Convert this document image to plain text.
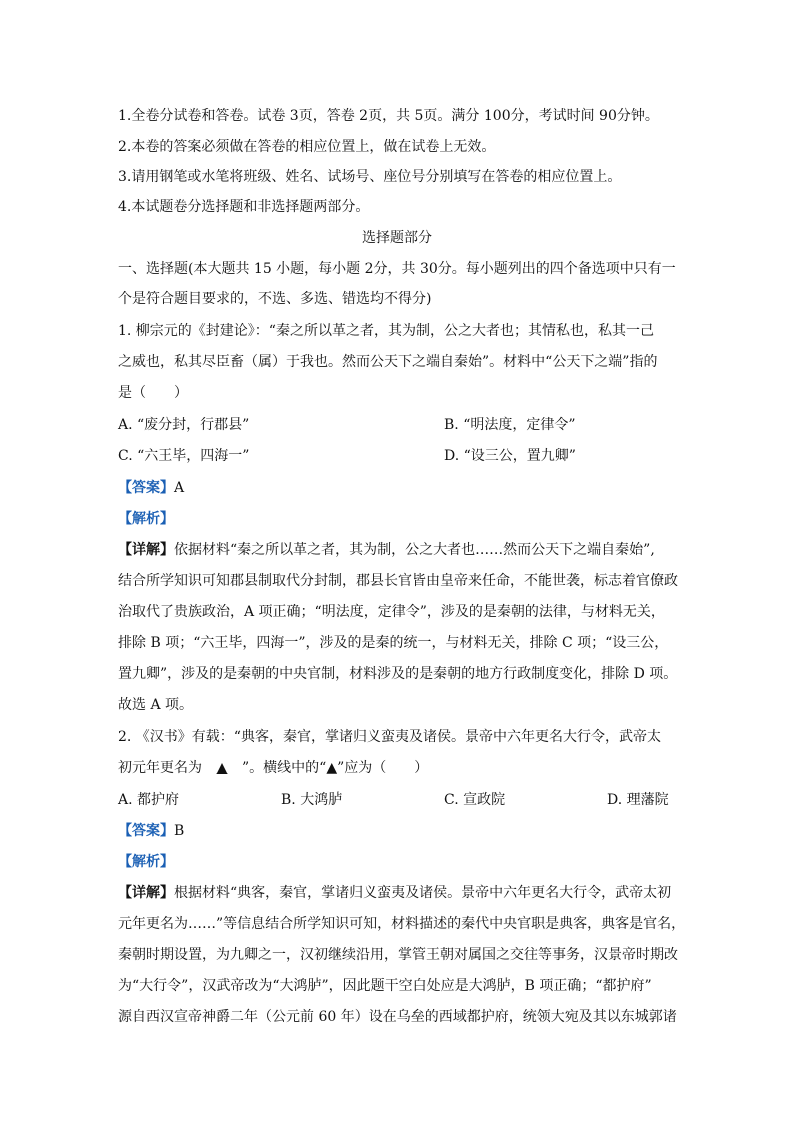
1.全卷分试卷和答卷。试卷 3页，答卷 2页，共 5页。满分 100分，考试时间 90分钟。
2.本卷的答案必须做在答卷的相应位置上，做在试卷上无效。
3.请用钢笔或水笔将班级、姓名、试场号、座位号分别填写在答卷的相应位置上。
4.本试题卷分选择题和非选择题两部分。
选择题部分
一、选择题(本大题共 15 小题，每小题 2分，共 30分。每小题列出的四个备选项中只有一
个是符合题目要求的，不选、多选、错选均不得分)
1. 柳宗元的《封建论》：“秦之所以革之者，其为制，公之大者也；其情私也，私其一己
之威也，私其尽臣畜（属）于我也。然而公天下之端自秦始”。材料中“公天下之端”指的
是（　　）
A. “废分封，行郡县”	B. “明法度，定律令”
C. “六王毕，四海一”	D. “设三公，置九卿”
【答案】A
【解析】
【详解】依据材料“秦之所以革之者，其为制，公之大者也……然而公天下之端自秦始”,
结合所学知识可知郡县制取代分封制，郡县长官皆由皇帝来任命，不能世袭，标志着官僚政
治取代了贵族政治，A 项正确；“明法度，定律令”，涉及的是秦朝的法律，与材料无关，
排除 B 项；“六王毕，四海一”，涉及的是秦的统一，与材料无关，排除 C 项；“设三公，
置九卿”，涉及的是秦朝的中央官制，材料涉及的是秦朝的地方行政制度变化，排除 D 项。
故选 A 项。
2. 《汉书》有载：“典客，秦官，掌诸归义蛮夷及诸侯。景帝中六年更名大行令，武帝太
初元年更名为 ▲ ”。横线中的“▲”应为（　　）
A. 都护府	B. 大鸿胪	C. 宣政院	D. 理藩院
【答案】B
【解析】
【详解】根据材料“典客，秦官，掌诸归义蛮夷及诸侯。景帝中六年更名大行令，武帝太初
元年更名为……”等信息结合所学知识可知，材料描述的秦代中央官职是典客，典客是官名，
秦朝时期设置，为九卿之一，汉初继续沿用，掌管王朝对属国之交往等事务，汉景帝时期改
为“大行令”，汉武帝改为“大鸿胪”，因此题干空白处应是大鸿胪，B 项正确；“都护府”
源自西汉宣帝神爵二年（公元前 60 年）设在乌垒的西域都护府，统领大宛及其以东城郭诸
